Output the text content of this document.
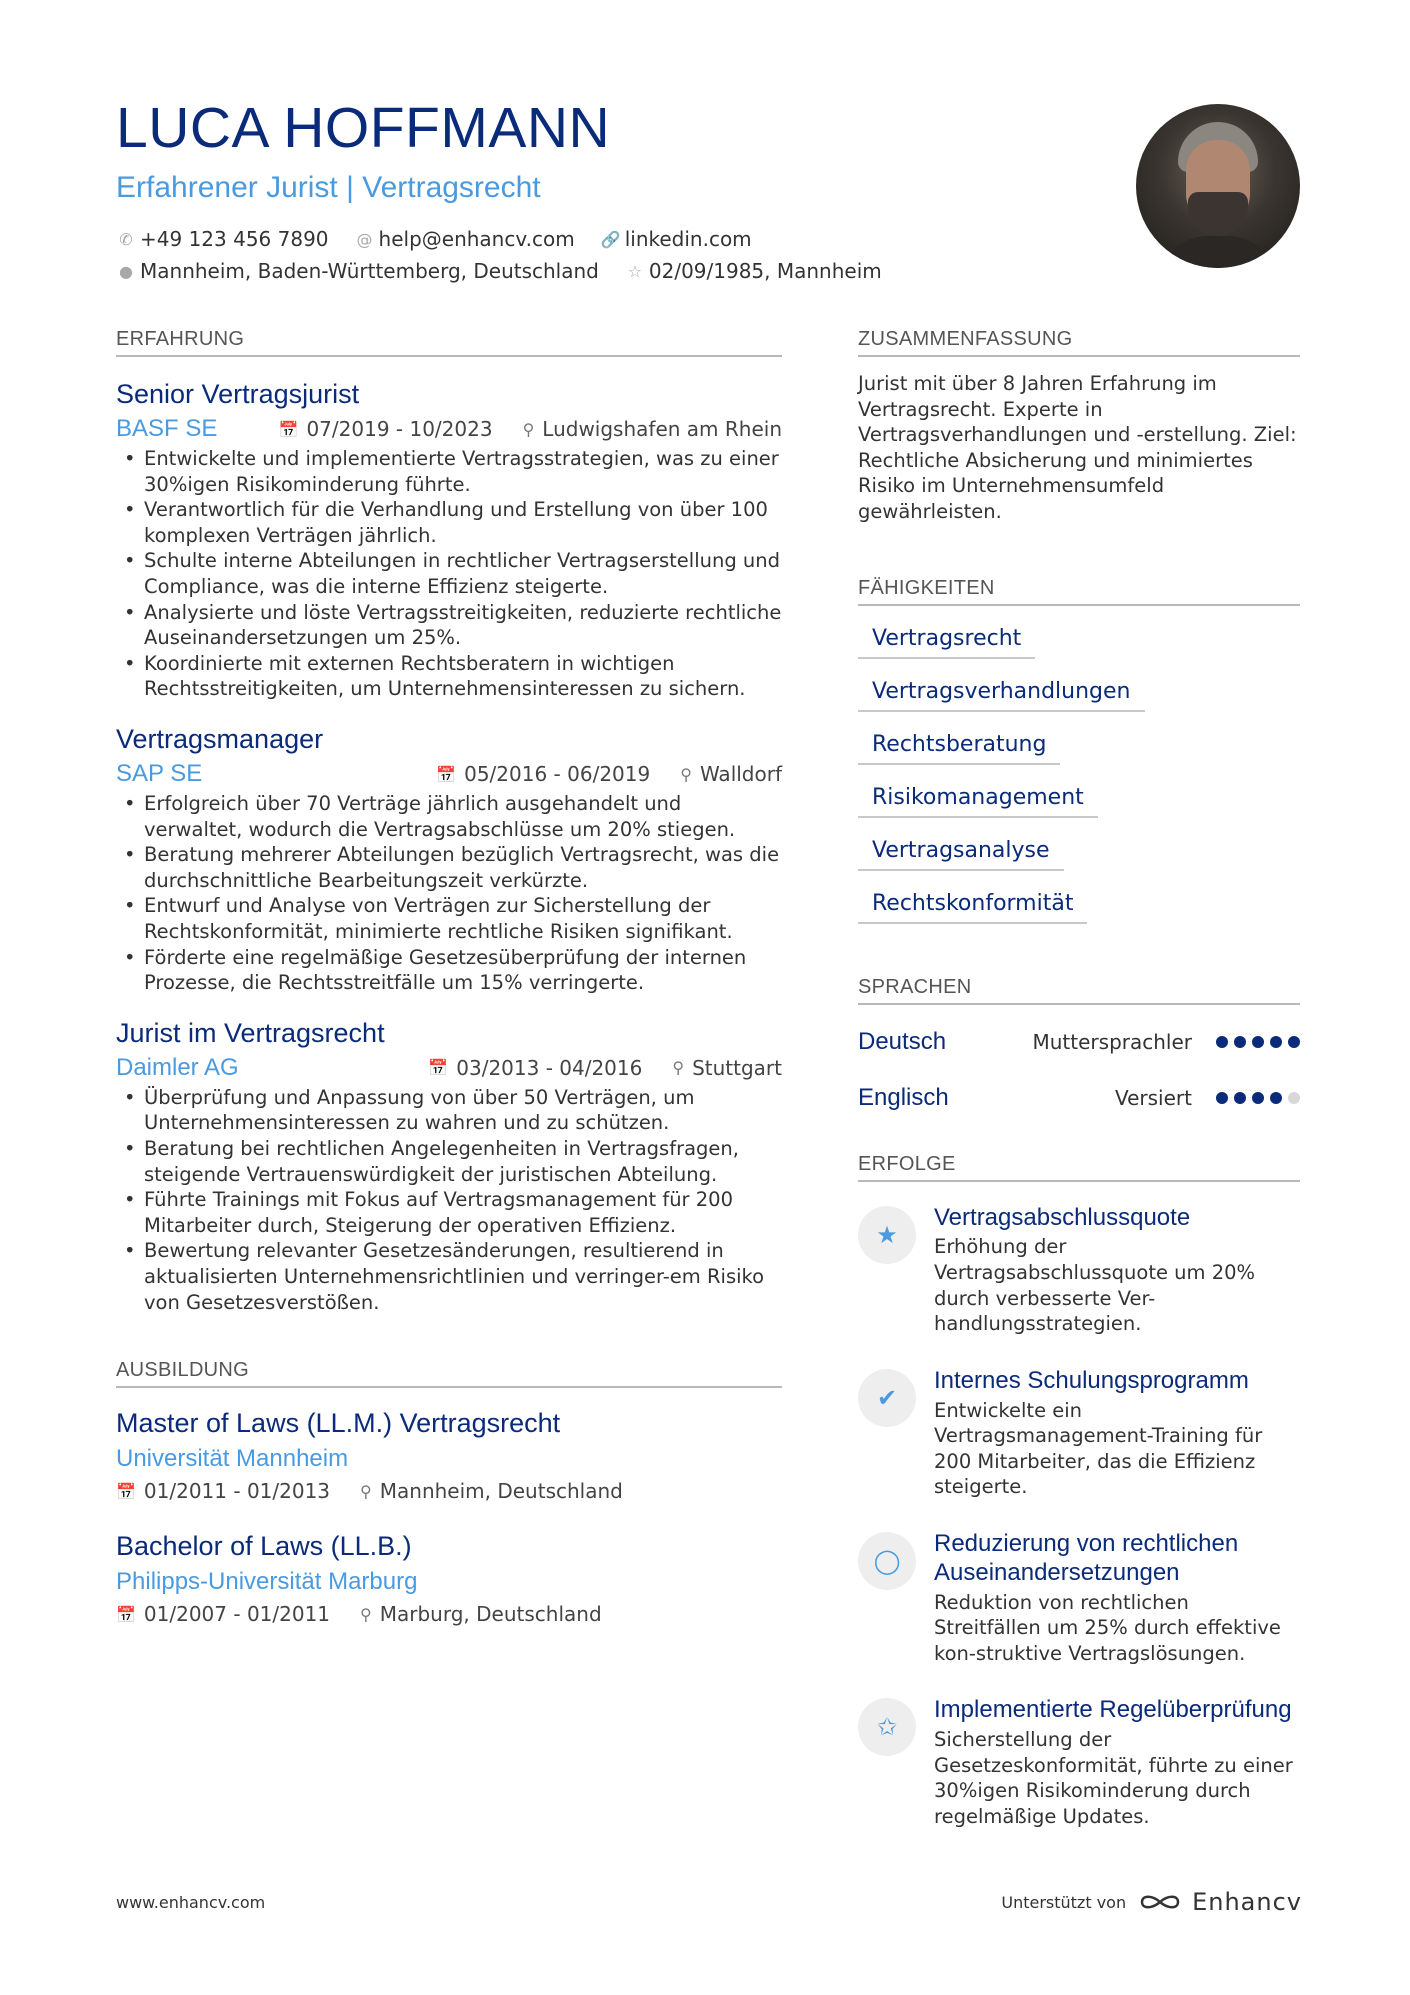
LUCA HOFFMANN
Erfahrener Jurist | Vertragsrecht
✆ +49 123 456 7890 @ help@enhancv.com 🔗 linkedin.com
● Mannheim, Baden-Württemberg, Deutschland ☆ 02/09/1985, Mannheim
ERFAHRUNG
Senior Vertragsjurist
BASF SE	📅 07/2019 - 10/2023 ⚲ Ludwigshafen am Rhein
• Entwickelte und implementierte Vertragsstrategien, was zu einer 30%igen Risikominderung führte.
• Verantwortlich für die Verhandlung und Erstellung von über 100 komplexen Verträgen jährlich.
• Schulte interne Abteilungen in rechtlicher Vertragserstellung und Compliance, was die interne Effizienz steigerte.
• Analysierte und löste Vertragsstreitigkeiten, reduzierte rechtliche Auseinandersetzungen um 25%.
• Koordinierte mit externen Rechtsberatern in wichtigen Rechtsstreitigkeiten, um Unternehmensinteressen zu sichern.
Vertragsmanager
SAP SE	📅 05/2016 - 06/2019 ⚲ Walldorf
• Erfolgreich über 70 Verträge jährlich ausgehandelt und verwaltet, wodurch die Vertragsabschlüsse um 20% stiegen.
• Beratung mehrerer Abteilungen bezüglich Vertragsrecht, was die durchschnittliche Bearbeitungszeit verkürzte.
• Entwurf und Analyse von Verträgen zur Sicherstellung der Rechtskonformität, minimierte rechtliche Risiken signifikant.
• Förderte eine regelmäßige Gesetzesüberprüfung der internen Prozesse, die Rechtsstreitfälle um 15% verringerte.
Jurist im Vertragsrecht
Daimler AG	📅 03/2013 - 04/2016 ⚲ Stuttgart
• Überprüfung und Anpassung von über 50 Verträgen, um Unternehmensinteressen zu wahren und zu schützen.
• Beratung bei rechtlichen Angelegenheiten in Vertragsfragen, steigende Vertrauenswürdigkeit der juristischen Abteilung.
• Führte Trainings mit Fokus auf Vertragsmanagement für 200 Mitarbeiter durch, Steigerung der operativen Effizienz.
• Bewertung relevanter Gesetzesänderungen, resultierend in aktualisierten Unternehmensrichtlinien und verringer-em Risiko von Gesetzesverstößen.
AUSBILDUNG
Master of Laws (LL.M.) Vertragsrecht
Universität Mannheim
📅 01/2011 - 01/2013 ⚲ Mannheim, Deutschland
Bachelor of Laws (LL.B.)
Philipps-Universität Marburg
📅 01/2007 - 01/2011 ⚲ Marburg, Deutschland
ZUSAMMENFASSUNG
Jurist mit über 8 Jahren Erfahrung im Vertragsrecht. Experte in Vertragsverhandlungen und -erstellung. Ziel: Rechtliche Absicherung und minimiertes Risiko im Unternehmensumfeld gewährleisten.
FÄHIGKEITEN
Vertragsrecht
Vertragsverhandlungen
Rechtsberatung
Risikomanagement
Vertragsanalyse
Rechtskonformität
SPRACHEN
Deutsch	Muttersprachler
Englisch	Versiert
ERFOLGE
★
Vertragsabschlussquote
Erhöhung der Vertragsabschlussquote um 20% durch verbesserte Ver-handlungsstrategien.
✔
Internes Schulungsprogramm
Entwickelte ein Vertragsmanagement-Training für 200 Mitarbeiter, das die Effizienz steigerte.
◯
Reduzierung von rechtlichen Auseinandersetzungen
Reduktion von rechtlichen Streitfällen um 25% durch effektive kon-struktive Vertragslösungen.
✩
Implementierte Regelüberprüfung
Sicherstellung der Gesetzeskonformität, führte zu einer 30%igen Risikominderung durch regelmäßige Updates.
www.enhancv.com	Unterstützt von	Enhancv
